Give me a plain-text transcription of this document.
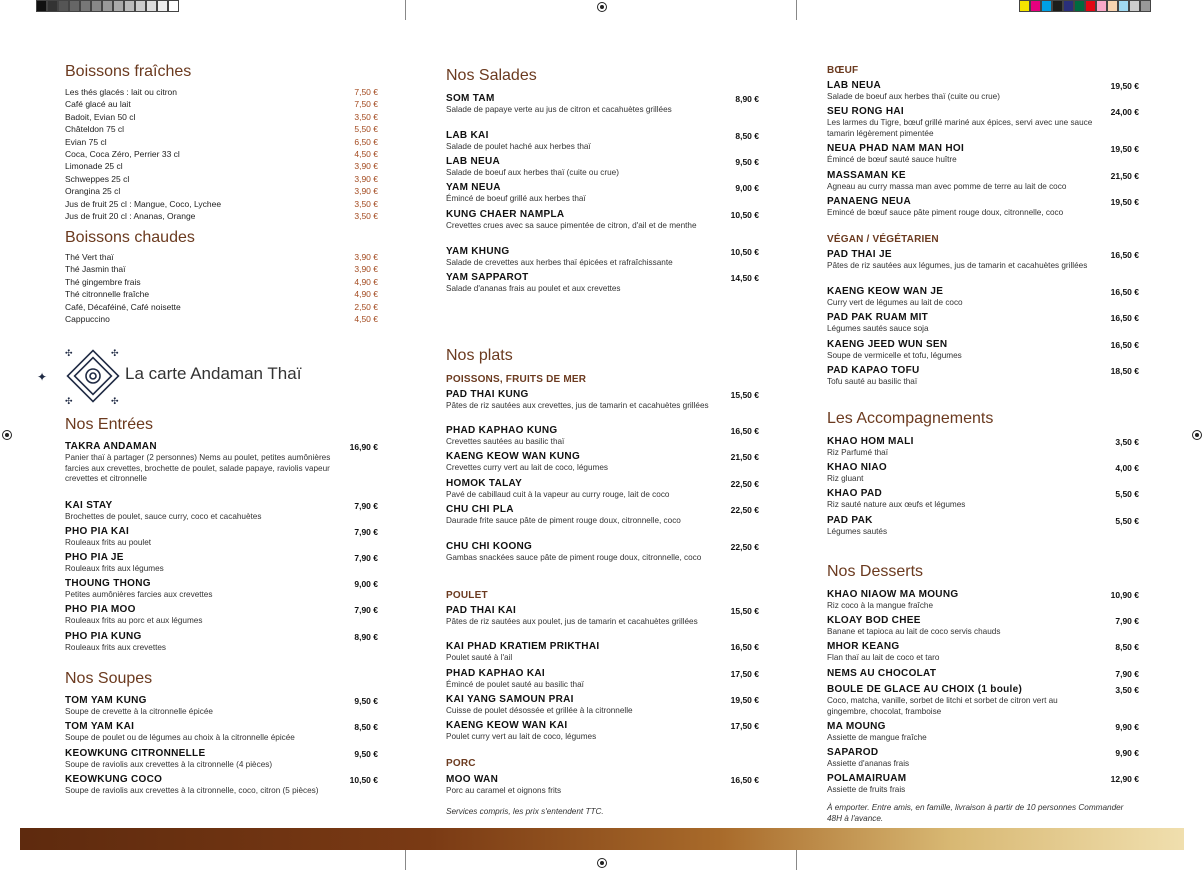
Boissons fraîches
Les thés glacés : lait ou citron	7,50 €
Café glacé au lait	7,50 €
Badoit, Evian 50 cl	3,50 €
Châteldon 75 cl	5,50 €
Evian 75 cl	6,50 €
Coca, Coca Zéro, Perrier 33 cl	4,50 €
Limonade 25 cl	3,90 €
Schweppes 25 cl	3,90 €
Orangina 25 cl	3,90 €
Jus de fruit 25 cl : Mangue, Coco, Lychee	3,50 €
Jus de fruit 20 cl : Ananas, Orange	3,50 €
Boissons chaudes
Thé Vert thaï	3,90 €
Thé Jasmin thaï	3,90 €
Thé gingembre frais	4,90 €
Thé citronnelle fraîche	4,90 €
Café, Décaféiné, Café noisette	2,50 €
Cappuccino	4,50 €
✦
✣	✣
✣	✣
La carte Andaman Thaï
Nos Entrées
TAKRA ANDAMAN	16,90 €
Panier thaï à partager (2 personnes) Nems au poulet, petites aumônières farcies aux crevettes, brochette de poulet, salade papaye, raviolis vapeur crevettes et citronnelle
KAI STAY	7,90 €
Brochettes de poulet, sauce curry, coco et cacahuètes
PHO PIA KAI	7,90 €
Rouleaux frits au poulet
PHO PIA JE	7,90 €
Rouleaux frits aux légumes
THOUNG THONG	9,00 €
Petites aumônières farcies aux crevettes
PHO PIA MOO	7,90 €
Rouleaux frits au porc et aux légumes
PHO PIA KUNG	8,90 €
Rouleaux frits aux crevettes
Nos Soupes
TOM YAM KUNG	9,50 €
Soupe de crevette à la citronnelle épicée
TOM YAM KAI	8,50 €
Soupe de poulet ou de légumes au choix à la citronnelle épicée
KEOWKUNG CITRONNELLE	9,50 €
Soupe de raviolis aux crevettes à la citronnelle (4 pièces)
KEOWKUNG COCO	10,50 €
Soupe de raviolis aux crevettes à la citronnelle, coco, citron (5 pièces)
Nos Salades
SOM TAM	8,90 €
Salade de papaye verte au jus de citron et cacahuètes grillées
LAB KAI	8,50 €
Salade de poulet haché aux herbes thaï
LAB NEUA	9,50 €
Salade de boeuf aux herbes thaï (cuite ou crue)
YAM NEUA	9,00 €
Émincé de boeuf grillé aux herbes thaï
KUNG CHAER NAMPLA	10,50 €
Crevettes crues avec sa sauce pimentée de citron, d'ail et de menthe
YAM KHUNG	10,50 €
Salade de crevettes aux herbes thaï épicées et rafraîchissante
YAM SAPPAROT	14,50 €
Salade d'ananas frais au poulet et aux crevettes
Nos plats
POISSONS, FRUITS DE MER
PAD THAI KUNG	15,50 €
Pâtes de riz sautées aux crevettes, jus de tamarin et cacahuètes grillées
PHAD KAPHAO KUNG	16,50 €
Crevettes sautées au basilic thaï
KAENG KEOW WAN KUNG	21,50 €
Crevettes curry vert au lait de coco, légumes
HOMOK TALAY	22,50 €
Pavé de cabillaud cuit à la vapeur au curry rouge, lait de coco
CHU CHI PLA	22,50 €
Daurade frite sauce pâte de piment rouge doux, citronnelle, coco
CHU CHI KOONG	22,50 €
Gambas snackées sauce pâte de piment rouge doux, citronnelle, coco
POULET
PAD THAI KAI	15,50 €
Pâtes de riz sautées aux poulet, jus de tamarin et cacahuètes grillées
KAI PHAD KRATIEM PRIKTHAI	16,50 €
Poulet sauté à l'ail
PHAD KAPHAO KAI	17,50 €
Émincé de poulet sauté au basilic thaï
KAI YANG SAMOUN PRAI	19,50 €
Cuisse de poulet désossée et grillée à la citronnelle
KAENG KEOW WAN KAI	17,50 €
Poulet curry vert au lait de coco, légumes
PORC
MOO WAN	16,50 €
Porc au caramel et oignons frits
Services compris, les prix s'entendent TTC.
BŒUF
LAB NEUA	19,50 €
Salade de boeuf aux herbes thaï (cuite ou crue)
SEU RONG HAI	24,00 €
Les larmes du Tigre, bœuf grillé mariné aux épices, servi avec une sauce tamarin légèrement pimentée
NEUA PHAD NAM MAN HOI	19,50 €
Émincé de bœuf sauté sauce huître
MASSAMAN KE	21,50 €
Agneau au curry massa man avec pomme de terre au lait de coco
PANAENG NEUA	19,50 €
Emincé de bœuf sauce pâte piment rouge doux, citronnelle, coco
VÉGAN / VÉGÉTARIEN
PAD THAI JE	16,50 €
Pâtes de riz sautées aux légumes, jus de tamarin et cacahuètes grillées
KAENG KEOW WAN JE	16,50 €
Curry vert de légumes au lait de coco
PAD PAK RUAM MIT	16,50 €
Légumes sautés sauce soja
KAENG JEED WUN SEN	16,50 €
Soupe de vermicelle et tofu, légumes
PAD KAPAO TOFU	18,50 €
Tofu sauté au basilic thaï
Les Accompagnements
KHAO HOM MALI	3,50 €
Riz Parfumé thaï
KHAO NIAO	4,00 €
Riz gluant
KHAO PAD	5,50 €
Riz sauté nature aux œufs et légumes
PAD PAK	5,50 €
Légumes sautés
Nos Desserts
KHAO NIAOW MA MOUNG	10,90 €
Riz coco à la mangue fraîche
KLOAY BOD CHEE	7,90 €
Banane et tapioca au lait de coco servis chauds
MHOR KEANG	8,50 €
Flan thaï au lait de coco et taro
NEMS AU CHOCOLAT	7,90 €
BOULE DE GLACE AU CHOIX (1 boule)	3,50 €
Coco, matcha, vanille, sorbet de litchi et sorbet de citron vert au gingembre, chocolat, framboise
MA MOUNG	9,90 €
Assiette de mangue fraîche
SAPAROD	9,90 €
Assiette d'ananas frais
POLAMAIRUAM	12,90 €
Assiette de fruits frais
À emporter. Entre amis, en famille, livraison à partir de 10 personnes Commander 48H à l'avance.
